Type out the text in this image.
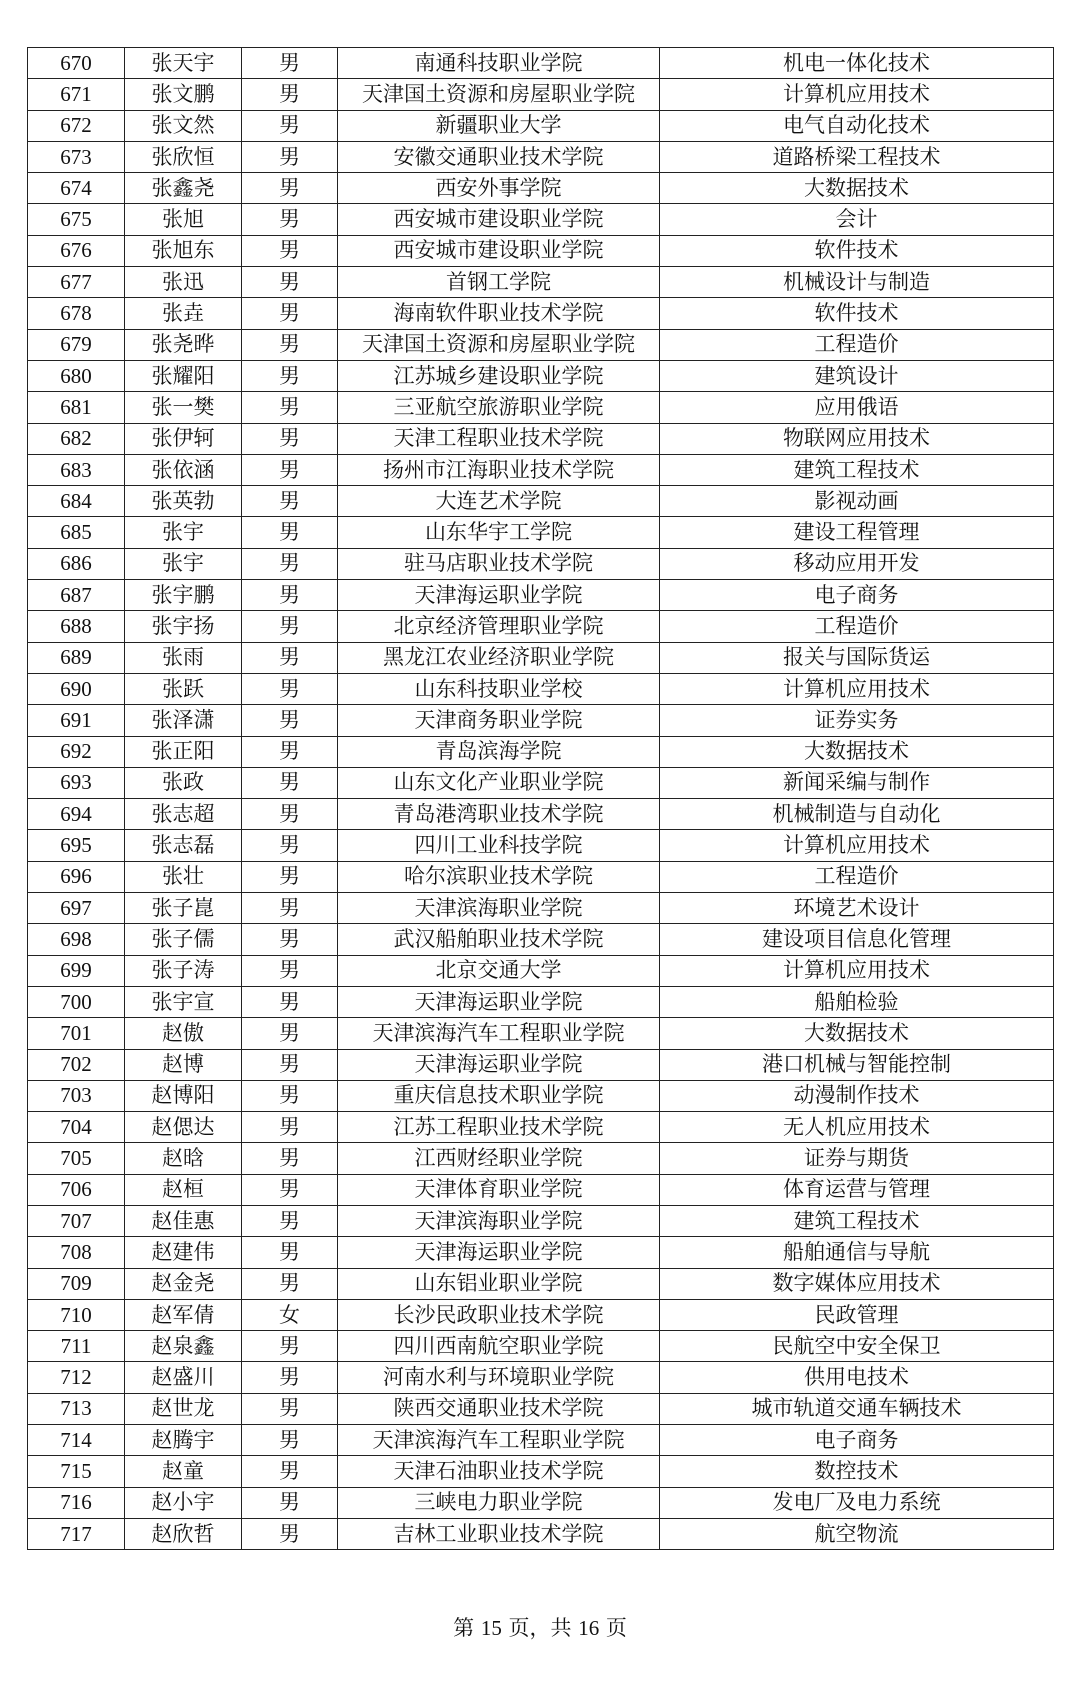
670	张天宇	男	南通科技职业学院	机电一体化技术
671	张文鹏	男	天津国土资源和房屋职业学院	计算机应用技术
672	张文然	男	新疆职业大学	电气自动化技术
673	张欣恒	男	安徽交通职业技术学院	道路桥梁工程技术
674	张鑫尧	男	西安外事学院	大数据技术
675	张旭	男	西安城市建设职业学院	会计
676	张旭东	男	西安城市建设职业学院	软件技术
677	张迅	男	首钢工学院	机械设计与制造
678	张垚	男	海南软件职业技术学院	软件技术
679	张尧晔	男	天津国土资源和房屋职业学院	工程造价
680	张耀阳	男	江苏城乡建设职业学院	建筑设计
681	张一樊	男	三亚航空旅游职业学院	应用俄语
682	张伊轲	男	天津工程职业技术学院	物联网应用技术
683	张依涵	男	扬州市江海职业技术学院	建筑工程技术
684	张英勃	男	大连艺术学院	影视动画
685	张宇	男	山东华宇工学院	建设工程管理
686	张宇	男	驻马店职业技术学院	移动应用开发
687	张宇鹏	男	天津海运职业学院	电子商务
688	张宇扬	男	北京经济管理职业学院	工程造价
689	张雨	男	黑龙江农业经济职业学院	报关与国际货运
690	张跃	男	山东科技职业学校	计算机应用技术
691	张泽潇	男	天津商务职业学院	证券实务
692	张正阳	男	青岛滨海学院	大数据技术
693	张政	男	山东文化产业职业学院	新闻采编与制作
694	张志超	男	青岛港湾职业技术学院	机械制造与自动化
695	张志磊	男	四川工业科技学院	计算机应用技术
696	张壮	男	哈尔滨职业技术学院	工程造价
697	张子崑	男	天津滨海职业学院	环境艺术设计
698	张子儒	男	武汉船舶职业技术学院	建设项目信息化管理
699	张子涛	男	北京交通大学	计算机应用技术
700	张宇宣	男	天津海运职业学院	船舶检验
701	赵傲	男	天津滨海汽车工程职业学院	大数据技术
702	赵博	男	天津海运职业学院	港口机械与智能控制
703	赵博阳	男	重庆信息技术职业学院	动漫制作技术
704	赵偲达	男	江苏工程职业技术学院	无人机应用技术
705	赵晗	男	江西财经职业学院	证券与期货
706	赵桓	男	天津体育职业学院	体育运营与管理
707	赵佳惠	男	天津滨海职业学院	建筑工程技术
708	赵建伟	男	天津海运职业学院	船舶通信与导航
709	赵金尧	男	山东铝业职业学院	数字媒体应用技术
710	赵军倩	女	长沙民政职业技术学院	民政管理
711	赵泉鑫	男	四川西南航空职业学院	民航空中安全保卫
712	赵盛川	男	河南水利与环境职业学院	供用电技术
713	赵世龙	男	陕西交通职业技术学院	城市轨道交通车辆技术
714	赵腾宇	男	天津滨海汽车工程职业学院	电子商务
715	赵童	男	天津石油职业技术学院	数控技术
716	赵小宇	男	三峡电力职业学院	发电厂及电力系统
717	赵欣哲	男	吉林工业职业技术学院	航空物流
第 15 页，共 16 页
